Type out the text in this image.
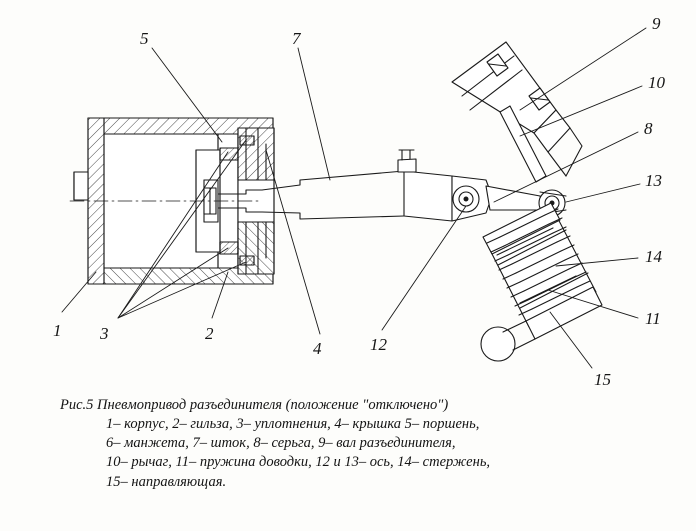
5	7
9
10
8
13
14
11
15
12
4
2
3
1
Рис.5 Пневмопривод разъединителя (положение "отключено")
1– корпус, 2– гильза, 3– уплотнения, 4– крышка 5– поршень,
6– манжета, 7– шток, 8– серьга, 9– вал разъединителя,
10– рычаг, 11– пружина доводки, 12 и 13– ось, 14– стержень,
15– направляющая.
